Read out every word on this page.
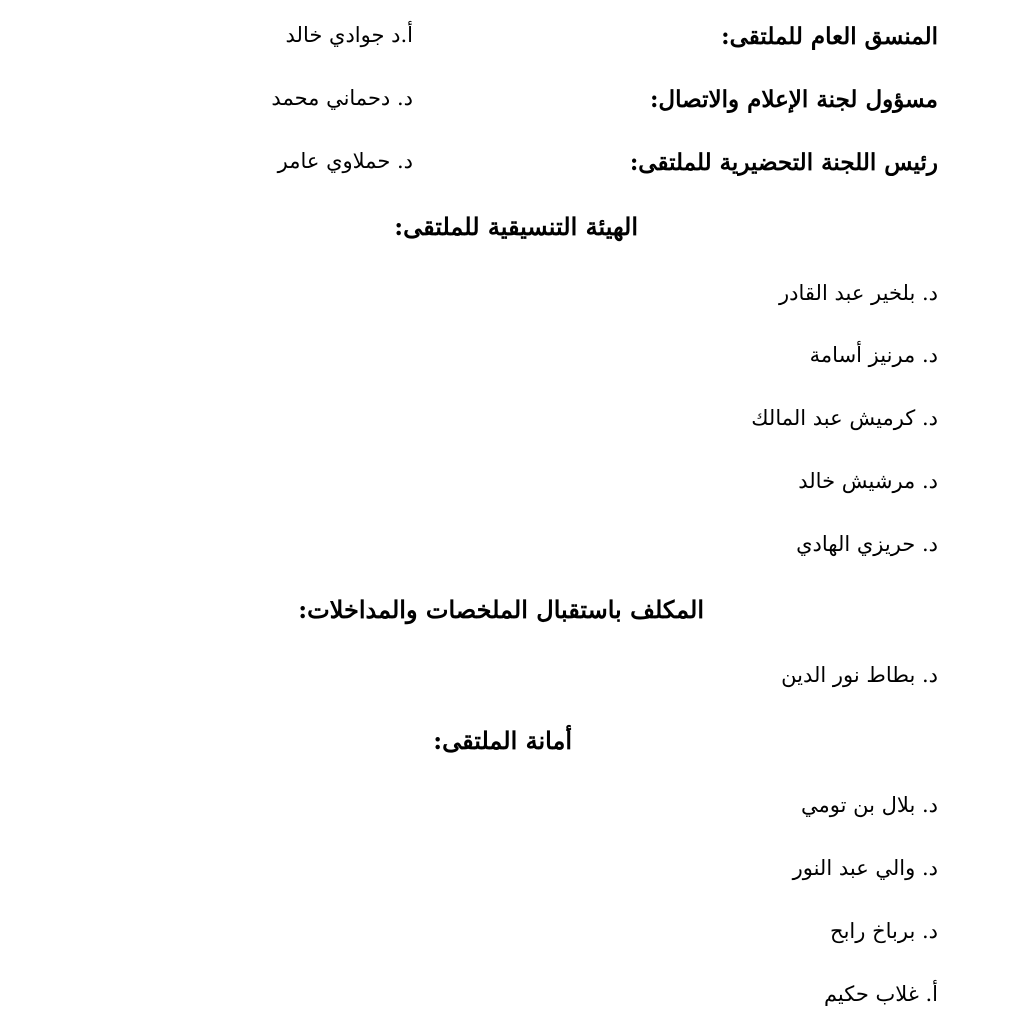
المنسق العام للملتقى:
أ.د جوادي خالد
مسؤول لجنة الإعلام والاتصال:
د. دحماني محمد
رئيس اللجنة التحضيرية للملتقى:
د. حملاوي عامر
الهيئة التنسيقية للملتقى:
د. بلخير عبد القادر
د. مرنيز أسامة
د. كرميش عبد المالك
د. مرشيش خالد
د. حريزي الهادي
المكلف باستقبال الملخصات والمداخلات:
د. بطاط نور الدين
أمانة الملتقى:
د. بلال بن تومي
د. والي عبد النور
د. برباخ رابح
أ. غلاب حكيم
